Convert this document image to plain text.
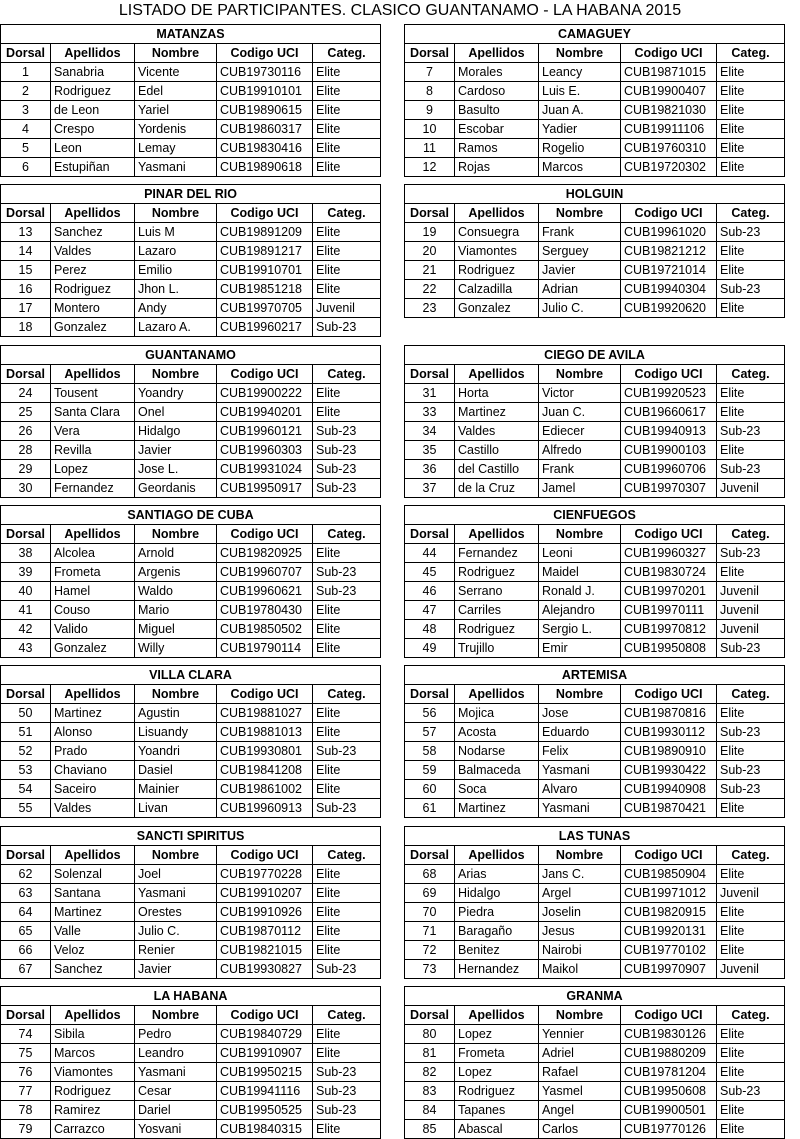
LISTADO DE PARTICIPANTES. CLASICO GUANTANAMO - LA HABANA 2015
MATANZAS				
Dorsal	Apellidos	Nombre	Codigo UCI	Categ.
1	Sanabria	Vicente	CUB19730116	Elite
2	Rodriguez	Edel	CUB19910101	Elite
3	de Leon	Yariel	CUB19890615	Elite
4	Crespo	Yordenis	CUB19860317	Elite
5	Leon	Lemay	CUB19830416	Elite
6	Estupiñan	Yasmani	CUB19890618	Elite
CAMAGUEY				
Dorsal	Apellidos	Nombre	Codigo UCI	Categ.
7	Morales	Leancy	CUB19871015	Elite
8	Cardoso	Luis E.	CUB19900407	Elite
9	Basulto	Juan A.	CUB19821030	Elite
10	Escobar	Yadier	CUB19911106	Elite
11	Ramos	Rogelio	CUB19760310	Elite
12	Rojas	Marcos	CUB19720302	Elite
PINAR DEL RIO				
Dorsal	Apellidos	Nombre	Codigo UCI	Categ.
13	Sanchez	Luis M	CUB19891209	Elite
14	Valdes	Lazaro	CUB19891217	Elite
15	Perez	Emilio	CUB19910701	Elite
16	Rodriguez	Jhon L.	CUB19851218	Elite
17	Montero	Andy	CUB19970705	Juvenil
18	Gonzalez	Lazaro A.	CUB19960217	Sub-23
HOLGUIN				
Dorsal	Apellidos	Nombre	Codigo UCI	Categ.
19	Consuegra	Frank	CUB19961020	Sub-23
20	Viamontes	Serguey	CUB19821212	Elite
21	Rodriguez	Javier	CUB19721014	Elite
22	Calzadilla	Adrian	CUB19940304	Sub-23
23	Gonzalez	Julio C.	CUB19920620	Elite
GUANTANAMO				
Dorsal	Apellidos	Nombre	Codigo UCI	Categ.
24	Tousent	Yoandry	CUB19900222	Elite
25	Santa Clara	Onel	CUB19940201	Elite
26	Vera	Hidalgo	CUB19960121	Sub-23
28	Revilla	Javier	CUB19960303	Sub-23
29	Lopez	Jose L.	CUB19931024	Sub-23
30	Fernandez	Geordanis	CUB19950917	Sub-23
CIEGO DE AVILA				
Dorsal	Apellidos	Nombre	Codigo UCI	Categ.
31	Horta	Victor	CUB19920523	Elite
33	Martinez	Juan C.	CUB19660617	Elite
34	Valdes	Ediecer	CUB19940913	Sub-23
35	Castillo	Alfredo	CUB19900103	Elite
36	del Castillo	Frank	CUB19960706	Sub-23
37	de la Cruz	Jamel	CUB19970307	Juvenil
SANTIAGO DE CUBA				
Dorsal	Apellidos	Nombre	Codigo UCI	Categ.
38	Alcolea	Arnold	CUB19820925	Elite
39	Frometa	Argenis	CUB19960707	Sub-23
40	Hamel	Waldo	CUB19960621	Sub-23
41	Couso	Mario	CUB19780430	Elite
42	Valido	Miguel	CUB19850502	Elite
43	Gonzalez	Willy	CUB19790114	Elite
CIENFUEGOS				
Dorsal	Apellidos	Nombre	Codigo UCI	Categ.
44	Fernandez	Leoni	CUB19960327	Sub-23
45	Rodriguez	Maidel	CUB19830724	Elite
46	Serrano	Ronald J.	CUB19970201	Juvenil
47	Carriles	Alejandro	CUB19970111	Juvenil
48	Rodriguez	Sergio L.	CUB19970812	Juvenil
49	Trujillo	Emir	CUB19950808	Sub-23
VILLA CLARA				
Dorsal	Apellidos	Nombre	Codigo UCI	Categ.
50	Martinez	Agustin	CUB19881027	Elite
51	Alonso	Lisuandy	CUB19881013	Elite
52	Prado	Yoandri	CUB19930801	Sub-23
53	Chaviano	Dasiel	CUB19841208	Elite
54	Saceiro	Mainier	CUB19861002	Elite
55	Valdes	Livan	CUB19960913	Sub-23
ARTEMISA				
Dorsal	Apellidos	Nombre	Codigo UCI	Categ.
56	Mojica	Jose	CUB19870816	Elite
57	Acosta	Eduardo	CUB19930112	Sub-23
58	Nodarse	Felix	CUB19890910	Elite
59	Balmaceda	Yasmani	CUB19930422	Sub-23
60	Soca	Alvaro	CUB19940908	Sub-23
61	Martinez	Yasmani	CUB19870421	Elite
SANCTI SPIRITUS				
Dorsal	Apellidos	Nombre	Codigo UCI	Categ.
62	Solenzal	Joel	CUB19770228	Elite
63	Santana	Yasmani	CUB19910207	Elite
64	Martinez	Orestes	CUB19910926	Elite
65	Valle	Julio C.	CUB19870112	Elite
66	Veloz	Renier	CUB19821015	Elite
67	Sanchez	Javier	CUB19930827	Sub-23
LAS TUNAS				
Dorsal	Apellidos	Nombre	Codigo UCI	Categ.
68	Arias	Jans C.	CUB19850904	Elite
69	Hidalgo	Argel	CUB19971012	Juvenil
70	Piedra	Joselin	CUB19820915	Elite
71	Baragaño	Jesus	CUB19920131	Elite
72	Benitez	Nairobi	CUB19770102	Elite
73	Hernandez	Maikol	CUB19970907	Juvenil
LA HABANA				
Dorsal	Apellidos	Nombre	Codigo UCI	Categ.
74	Sibila	Pedro	CUB19840729	Elite
75	Marcos	Leandro	CUB19910907	Elite
76	Viamontes	Yasmani	CUB19950215	Sub-23
77	Rodriguez	Cesar	CUB19941116	Sub-23
78	Ramirez	Dariel	CUB19950525	Sub-23
79	Carrazco	Yosvani	CUB19840315	Elite
GRANMA				
Dorsal	Apellidos	Nombre	Codigo UCI	Categ.
80	Lopez	Yennier	CUB19830126	Elite
81	Frometa	Adriel	CUB19880209	Elite
82	Lopez	Rafael	CUB19781204	Elite
83	Rodriguez	Yasmel	CUB19950608	Sub-23
84	Tapanes	Angel	CUB19900501	Elite
85	Abascal	Carlos	CUB19770126	Elite
